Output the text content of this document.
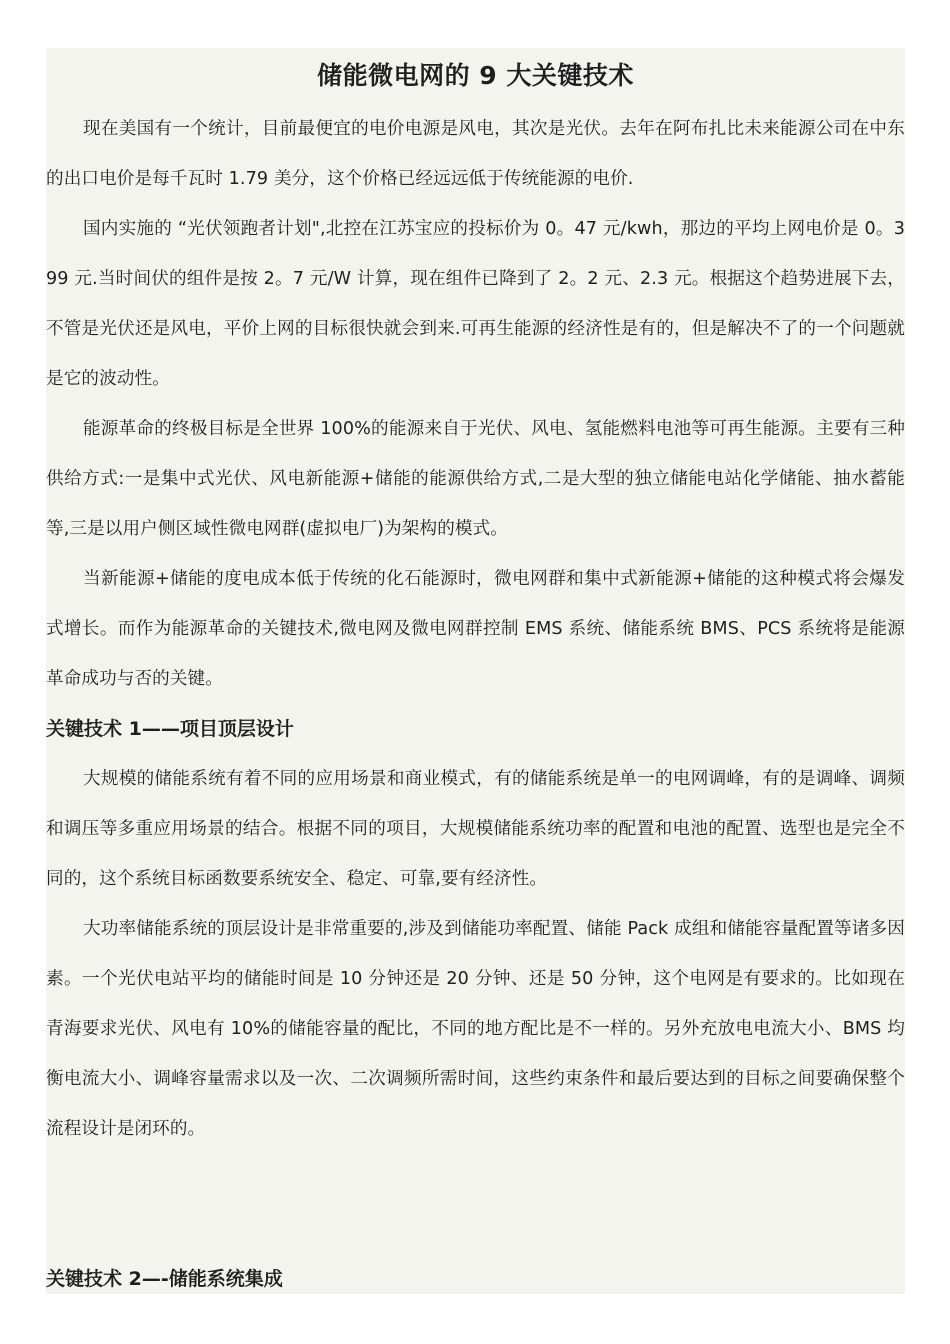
储能微电网的 9 大关键技术

现在美国有一个统计，目前最便宜的电价电源是风电，其次是光伏。去年在阿布扎比未来能源公司在中东的出口电价是每千瓦时 1.79 美分，这个价格已经远远低于传统能源的电价.

国内实施的 “光伏领跑者计划",北控在江苏宝应的投标价为 0。47 元/kwh，那边的平均上网电价是 0。399 元.当时间伏的组件是按 2。7 元/W 计算，现在组件已降到了 2。2 元、2.3 元。根据这个趋势进展下去，不管是光伏还是风电，平价上网的目标很快就会到来.可再生能源的经济性是有的，但是解决不了的一个问题就是它的波动性。

能源革命的终极目标是全世界 100%的能源来自于光伏、风电、氢能燃料电池等可再生能源。主要有三种供给方式:一是集中式光伏、风电新能源+储能的能源供给方式,二是大型的独立储能电站化学储能、抽水蓄能等,三是以用户侧区域性微电网群(虚拟电厂)为架构的模式。

当新能源+储能的度电成本低于传统的化石能源时，微电网群和集中式新能源+储能的这种模式将会爆发式增长。而作为能源革命的关键技术,微电网及微电网群控制 EMS 系统、储能系统 BMS、PCS 系统将是能源革命成功与否的关键。

关键技术 1——项目顶层设计

大规模的储能系统有着不同的应用场景和商业模式，有的储能系统是单一的电网调峰，有的是调峰、调频和调压等多重应用场景的结合。根据不同的项目，大规模储能系统功率的配置和电池的配置、选型也是完全不同的，这个系统目标函数要系统安全、稳定、可靠,要有经济性。

大功率储能系统的顶层设计是非常重要的,涉及到储能功率配置、储能 Pack 成组和储能容量配置等诸多因素。一个光伏电站平均的储能时间是 10 分钟还是 20 分钟、还是 50 分钟，这个电网是有要求的。比如现在青海要求光伏、风电有 10%的储能容量的配比，不同的地方配比是不一样的。另外充放电电流大小、BMS 均衡电流大小、调峰容量需求以及一次、二次调频所需时间，这些约束条件和最后要达到的目标之间要确保整个流程设计是闭环的。

关键技术 2—-储能系统集成
